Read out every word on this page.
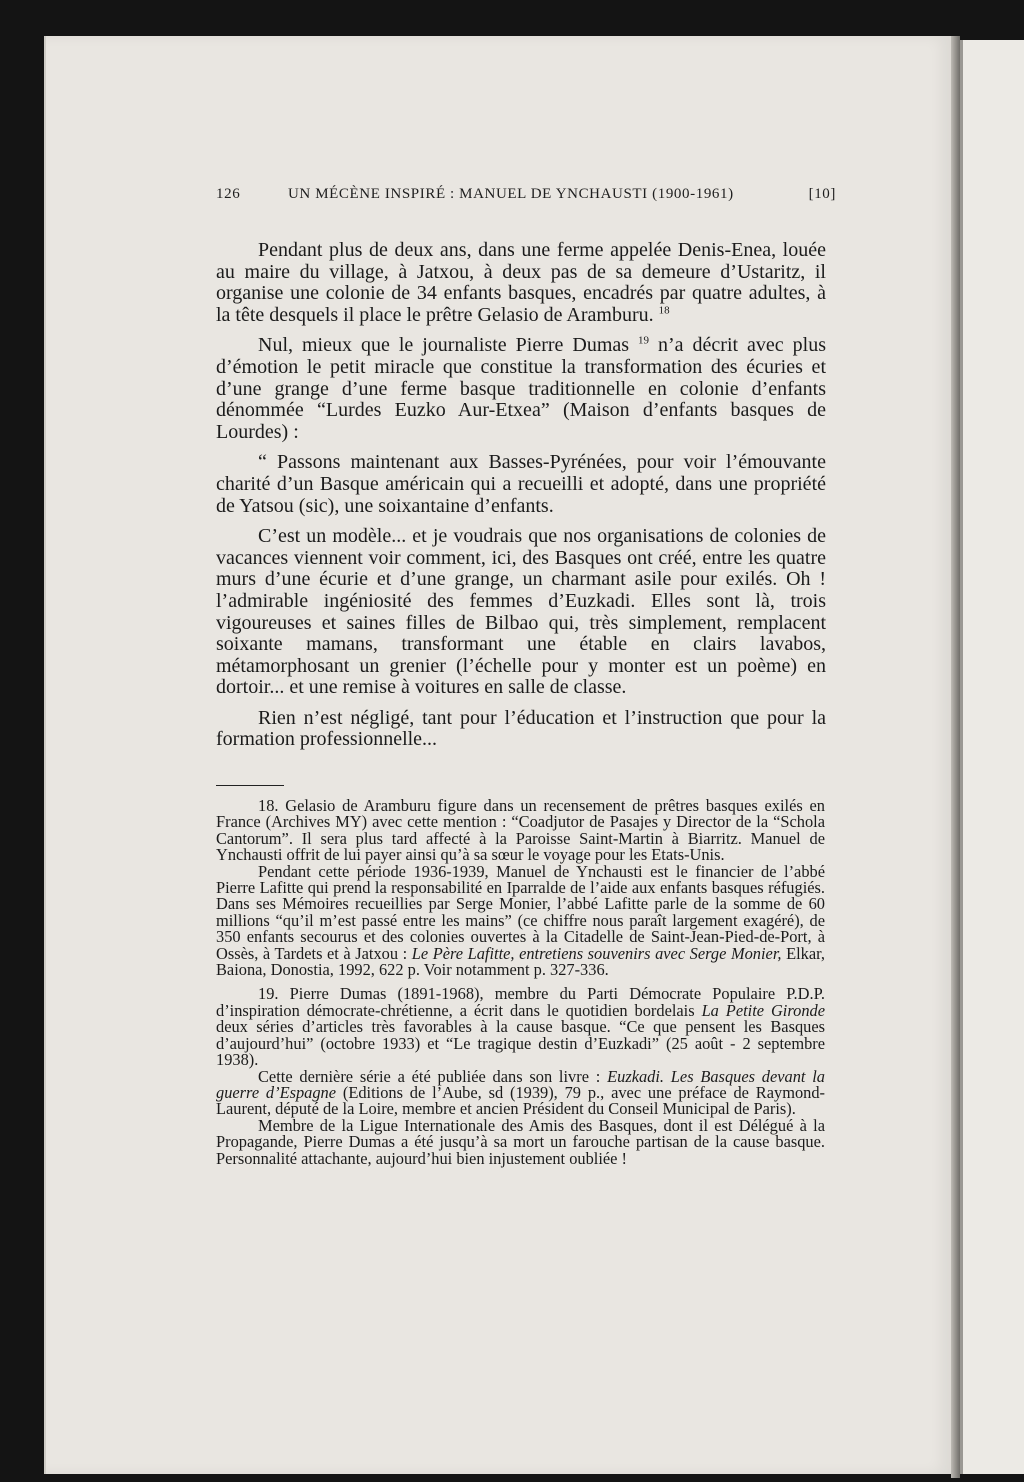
126	UN MÉCÈNE INSPIRÉ : MANUEL DE YNCHAUSTI (1900-1961)	[10]

Pendant plus de deux ans, dans une ferme appelée Denis-Enea, louée au maire du village, à Jatxou, à deux pas de sa demeure d’Ustaritz, il organise une colonie de 34 enfants basques, encadrés par quatre adultes, à la tête desquels il place le prêtre Gelasio de Aramburu. $^{18}$

Nul, mieux que le journaliste Pierre Dumas $^{19}$ n’a décrit avec plus d’émotion le petit miracle que constitue la transformation des écuries et d’une grange d’une ferme basque traditionnelle en colonie d’enfants dénommée “Lurdes Euzko Aur-Etxea” (Maison d’enfants basques de Lourdes) :

“ Passons maintenant aux Basses-Pyrénées, pour voir l’émouvante charité d’un Basque américain qui a recueilli et adopté, dans une propriété de Yatsou (sic), une soixantaine d’enfants.

C’est un modèle... et je voudrais que nos organisations de colonies de vacances viennent voir comment, ici, des Basques ont créé, entre les quatre murs d’une écurie et d’une grange, un charmant asile pour exilés. Oh ! l’admirable ingéniosité des femmes d’Euzkadi. Elles sont là, trois vigoureuses et saines filles de Bilbao qui, très simplement, remplacent soixante mamans, transformant une étable en clairs lavabos, métamorphosant un grenier (l’échelle pour y monter est un poème) en dortoir... et une remise à voitures en salle de classe.

Rien n’est négligé, tant pour l’éducation et l’instruction que pour la formation professionnelle...

18. Gelasio de Aramburu figure dans un recensement de prêtres basques exilés en France (Archives MY) avec cette mention : “Coadjutor de Pasajes y Director de la “Schola Cantorum”. Il sera plus tard affecté à la Paroisse Saint-Martin à Biarritz. Manuel de Ynchausti offrit de lui payer ainsi qu’à sa sœur le voyage pour les Etats-Unis.

Pendant cette période 1936-1939, Manuel de Ynchausti est le financier de l’abbé Pierre Lafitte qui prend la responsabilité en Iparralde de l’aide aux enfants basques réfugiés. Dans ses Mémoires recueillies par Serge Monier, l’abbé Lafitte parle de la somme de 60 millions “qu’il m’est passé entre les mains” (ce chiffre nous paraît largement exagéré), de 350 enfants secourus et des colonies ouvertes à la Citadelle de Saint-Jean-Pied-de-Port, à Ossès, à Tardets et à Jatxou : Le Père Lafitte, entretiens souvenirs avec Serge Monier, Elkar, Baiona, Donostia, 1992, 622 p. Voir notamment p. 327-336.

19. Pierre Dumas (1891-1968), membre du Parti Démocrate Populaire P.D.P. d’inspiration démocrate-chrétienne, a écrit dans le quotidien bordelais La Petite Gironde deux séries d’articles très favorables à la cause basque. “Ce que pensent les Basques d’aujourd’hui” (octobre 1933) et “Le tragique destin d’Euzkadi” (25 août - 2 septembre 1938).

Cette dernière série a été publiée dans son livre : Euzkadi. Les Basques devant la guerre d’Espagne (Editions de l’Aube, sd (1939), 79 p., avec une préface de Raymond-Laurent, député de la Loire, membre et ancien Président du Conseil Municipal de Paris).

Membre de la Ligue Internationale des Amis des Basques, dont il est Délégué à la Propagande, Pierre Dumas a été jusqu’à sa mort un farouche partisan de la cause basque. Personnalité attachante, aujourd’hui bien injustement oubliée !
